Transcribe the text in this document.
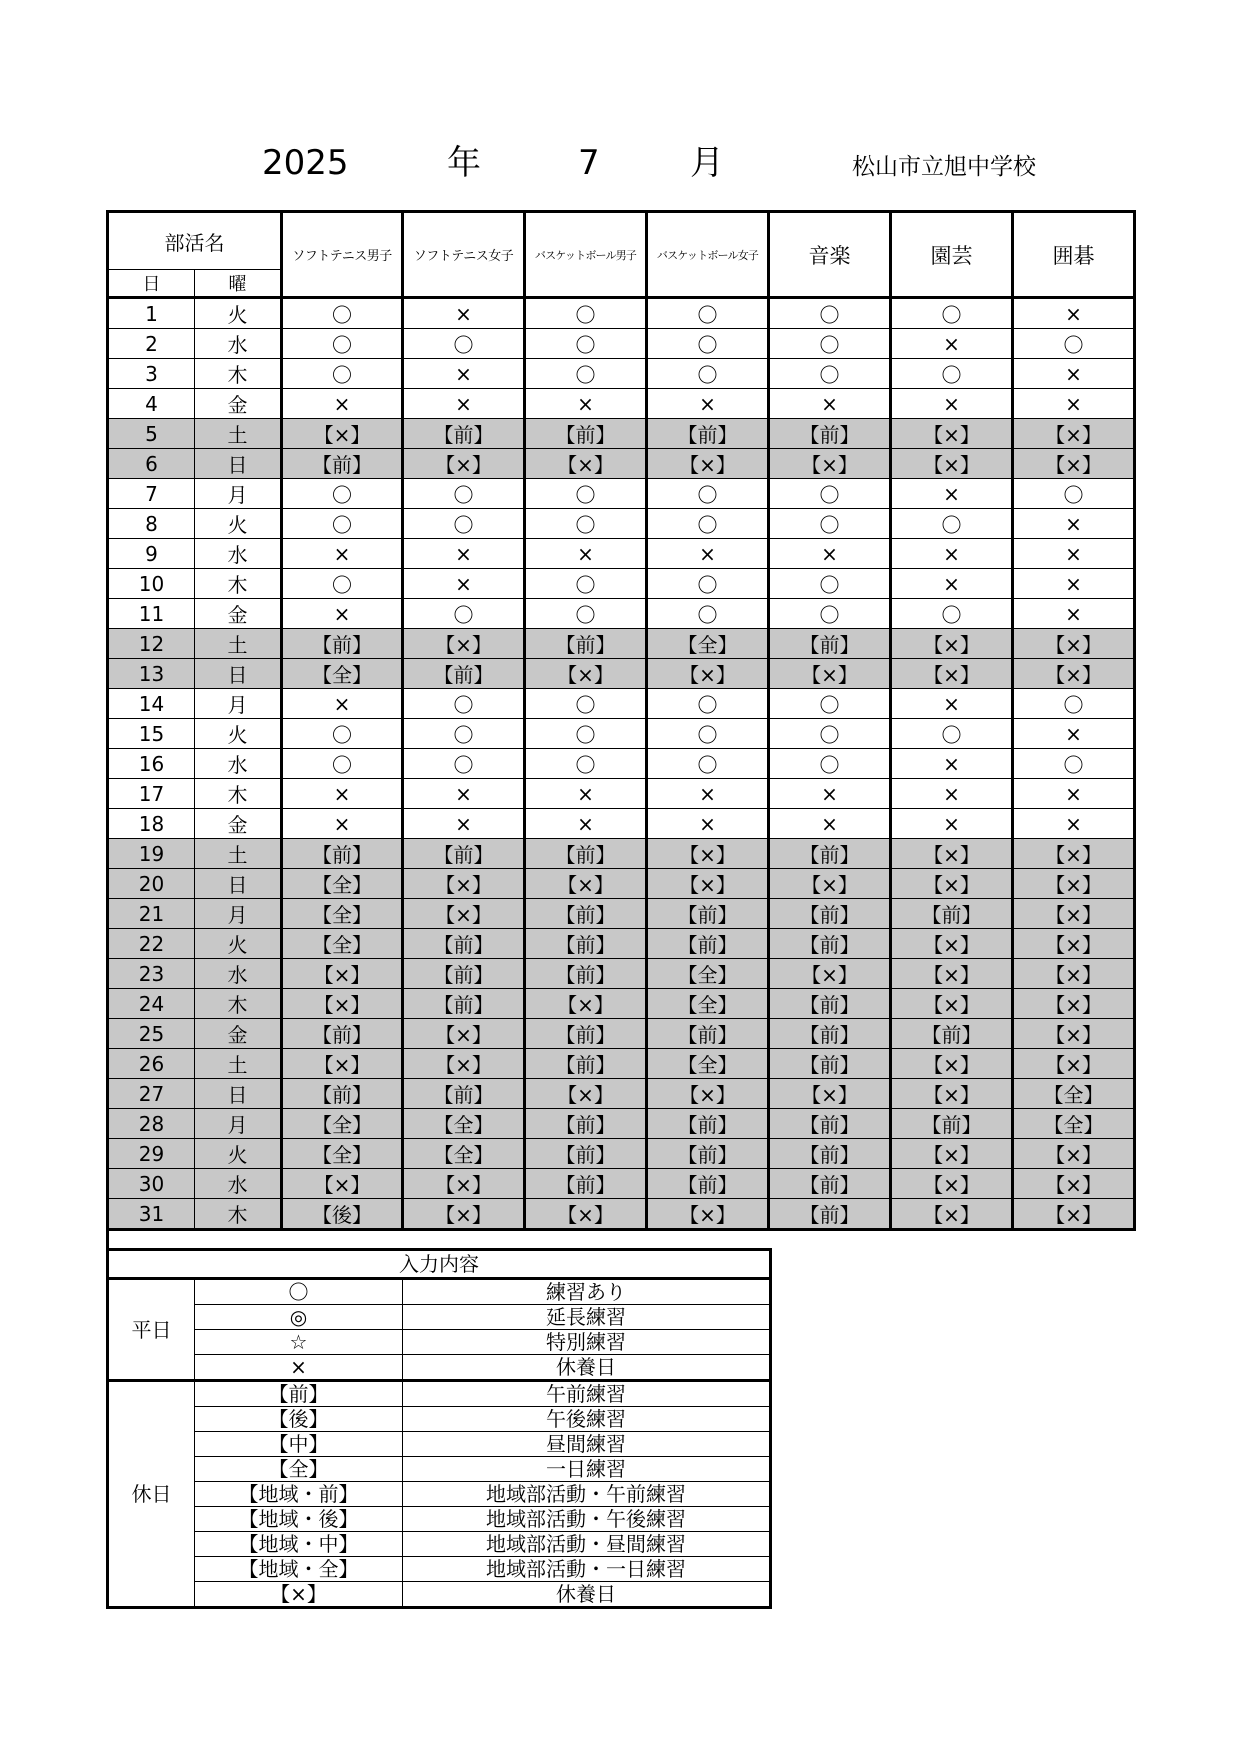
2025	年	7	月	松山市立旭中学校
部活名		ソフトテニス男子	ソフトテニス女子	バスケットボール男子	バスケットボール女子	音楽	園芸	囲碁
日	曜							
1	火	〇	×	〇	〇	〇	〇	×
2	水	〇	〇	〇	〇	〇	×	〇
3	木	〇	×	〇	〇	〇	〇	×
4	金	×	×	×	×	×	×	×
5	土	【×】	【前】	【前】	【前】	【前】	【×】	【×】
6	日	【前】	【×】	【×】	【×】	【×】	【×】	【×】
7	月	〇	〇	〇	〇	〇	×	〇
8	火	〇	〇	〇	〇	〇	〇	×
9	水	×	×	×	×	×	×	×
10	木	〇	×	〇	〇	〇	×	×
11	金	×	〇	〇	〇	〇	〇	×
12	土	【前】	【×】	【前】	【全】	【前】	【×】	【×】
13	日	【全】	【前】	【×】	【×】	【×】	【×】	【×】
14	月	×	〇	〇	〇	〇	×	〇
15	火	〇	〇	〇	〇	〇	〇	×
16	水	〇	〇	〇	〇	〇	×	〇
17	木	×	×	×	×	×	×	×
18	金	×	×	×	×	×	×	×
19	土	【前】	【前】	【前】	【×】	【前】	【×】	【×】
20	日	【全】	【×】	【×】	【×】	【×】	【×】	【×】
21	月	【全】	【×】	【前】	【前】	【前】	【前】	【×】
22	火	【全】	【前】	【前】	【前】	【前】	【×】	【×】
23	水	【×】	【前】	【前】	【全】	【×】	【×】	【×】
24	木	【×】	【前】	【×】	【全】	【前】	【×】	【×】
25	金	【前】	【×】	【前】	【前】	【前】	【前】	【×】
26	土	【×】	【×】	【前】	【全】	【前】	【×】	【×】
27	日	【前】	【前】	【×】	【×】	【×】	【×】	【全】
28	月	【全】	【全】	【前】	【前】	【前】	【前】	【全】
29	火	【全】	【全】	【前】	【前】	【前】	【×】	【×】
30	水	【×】	【×】	【前】	【前】	【前】	【×】	【×】
31	木	【後】	【×】	【×】	【×】	【前】	【×】	【×】
入力内容		
平日	〇	練習あり
	◎	延長練習
	☆	特別練習
	×	休養日
休日	【前】	午前練習
	【後】	午後練習
	【中】	昼間練習
	【全】	一日練習
	【地域・前】	地域部活動・午前練習
	【地域・後】	地域部活動・午後練習
	【地域・中】	地域部活動・昼間練習
	【地域・全】	地域部活動・一日練習
	【×】	休養日
